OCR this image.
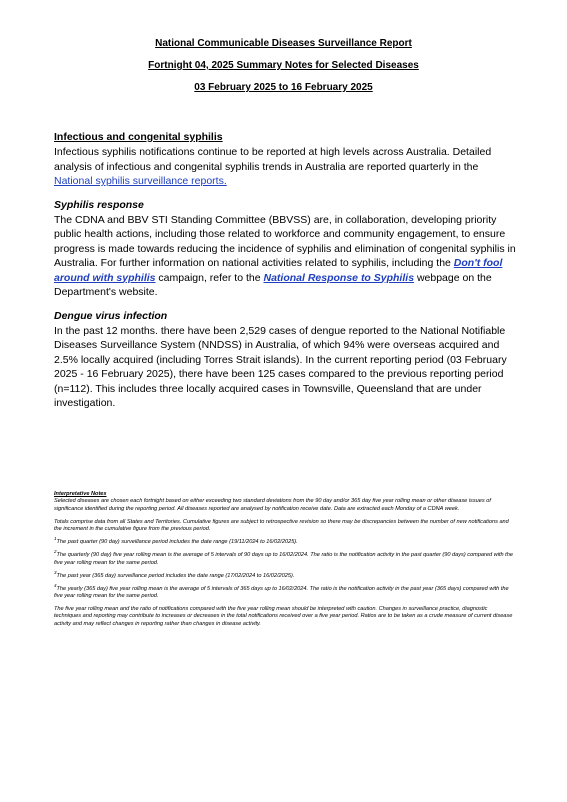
National Communicable Diseases Surveillance Report
Fortnight 04, 2025 Summary Notes for Selected Diseases
03 February 2025 to 16 February 2025

Infectious and congenital syphilis

Infectious syphilis notifications continue to be reported at high levels across Australia. Detailed analysis of infectious and congenital syphilis trends in Australia are reported quarterly in the National syphilis surveillance reports.

Syphilis response

The CDNA and BBV STI Standing Committee (BBVSS) are, in collaboration, developing priority public health actions, including those related to workforce and community engagement, to ensure progress is made towards reducing the incidence of syphilis and elimination of congenital syphilis in Australia. For further information on national activities related to syphilis, including the Don't fool around with syphilis campaign, refer to the National Response to Syphilis webpage on the Department's website.

Dengue virus infection

In the past 12 months. there have been 2,529 cases of dengue reported to the National Notifiable Diseases Surveillance System (NNDSS) in Australia, of which 94% were overseas acquired and 2.5% locally acquired (including Torres Strait islands). In the current reporting period (03 February 2025 - 16 February 2025), there have been 125 cases compared to the previous reporting period (n=112). This includes three locally acquired cases in Townsville, Queensland that are under investigation.

Interpretative Notes

Selected diseases are chosen each fortnight based on either exceeding two standard deviations from the 90 day and/or 365 day five year rolling mean or other disease issues of significance identified during the reporting period. All diseases reported are analysed by notification receive date. Data are extracted each Monday of a CDNA week.

Totals comprise data from all States and Territories. Cumulative figures are subject to retrospective revision so there may be discrepancies between the number of new notifications and the increment in the cumulative figure from the previous period.

$^1$The past quarter (90 day) surveillance period includes the date range (19/11/2024 to 16/02/2025).

$^2$The quarterly (90 day) five year rolling mean is the average of 5 intervals of 90 days up to 16/02/2024. The ratio is the notification activity in the past quarter (90 days) compared with the five year rolling mean for the same period.

$^3$The past year (365 day) surveillance period includes the date range (17/02/2024 to 16/02/2025).

$^4$The yearly (365 day) five year rolling mean is the average of 5 intervals of 365 days up to 16/02/2024. The ratio is the notification activity in the past year (365 days) compared with the five year rolling mean for the same period.

The five year rolling mean and the ratio of notifications compared with the five year rolling mean should be interpreted with caution. Changes in surveillance practice, diagnostic techniques and reporting may contribute to increases or decreases in the total notifications received over a five year period. Ratios are to be taken as a crude measure of current disease activity and may reflect changes in reporting rather than changes in disease activity.
